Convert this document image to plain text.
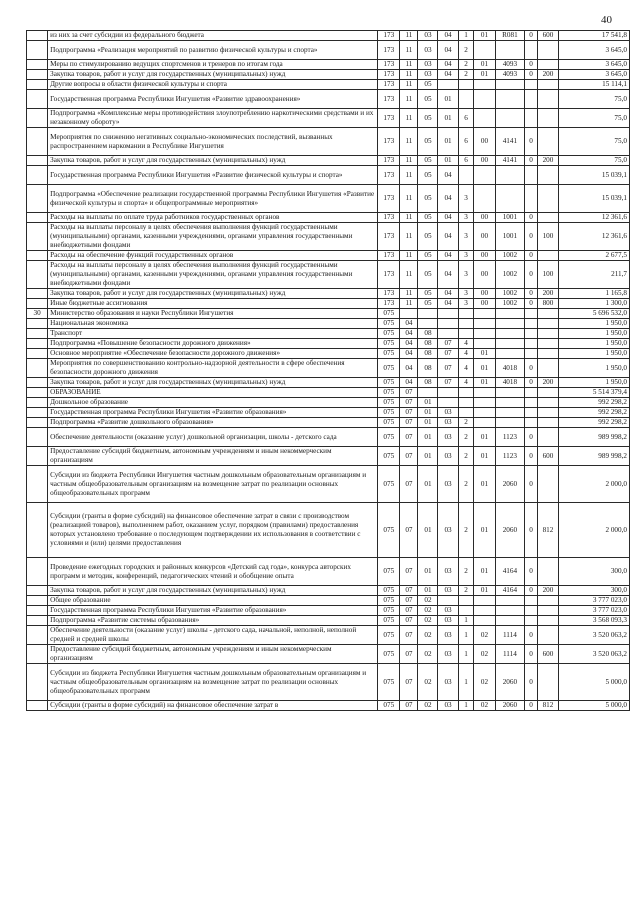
40
	из них за счет субсидии из федерального бюджета	173	11	03	04	1	01	R081	0	600	17 541,8
	Подпрограмма «Реализация мероприятий по развитию физической культуры и спорта»	173	11	03	04	2					3 645,0
	Меры по стимулированию ведущих спортсменов и тренеров по итогам года	173	11	03	04	2	01	4093	0		3 645,0
	Закупка товаров, работ и услуг для государственных (муниципальных) нужд	173	11	03	04	2	01	4093	0	200	3 645,0
	Другие вопросы в области физической культуры и спорта	173	11	05							15 114,1
	Государственная программа Республики Ингушетия «Развитие здравоохранения»	173	11	05	01						75,0
	Подпрограмма «Комплексные меры противодействия злоупотреблению наркотическими средствами и их незаконному обороту»	173	11	05	01	6					75,0
	Мероприятия по снижению негативных социально-экономических последствий, вызванных распространением наркомании в Республике Ингушетия	173	11	05	01	6	00	4141	0		75,0
	Закупка товаров, работ и услуг для государственных (муниципальных) нужд	173	11	05	01	6	00	4141	0	200	75,0
	Государственная программа Республики Ингушетия «Развитие физической культуры и спорта»	173	11	05	04						15 039,1
	Подпрограмма «Обеспечение реализации государственной программы Республики Ингушетия «Развитие физической культуры и спорта» и общепрограммные мероприятия»	173	11	05	04	3					15 039,1
	Расходы на выплаты по оплате труда работников государственных органов	173	11	05	04	3	00	1001	0		12 361,6
	Расходы на выплаты персоналу в целях обеспечения выполнения функций государственными (муниципальными) органами, казенными учреждениями, органами управления государственными внебюджетными фондами	173	11	05	04	3	00	1001	0	100	12 361,6
	Расходы на обеспечение функций государственных органов	173	11	05	04	3	00	1002	0		2 677,5
	Расходы на выплаты персоналу в целях обеспечения выполнения функций государственными (муниципальными) органами, казенными учреждениями, органами управления государственными внебюджетными фондами	173	11	05	04	3	00	1002	0	100	211,7
	Закупка товаров, работ и услуг для государственных (муниципальных) нужд	173	11	05	04	3	00	1002	0	200	1 165,8
	Иные бюджетные ассигнования	173	11	05	04	3	00	1002	0	800	1 300,0
30	Министерство образования и науки Республики Ингушетия	075									5 696 532,0
	Национальная экономика	075	04								1 950,0
	Транспорт	075	04	08							1 950,0
	Подпрограмма «Повышение безопасности дорожного движения»	075	04	08	07	4					1 950,0
	Основное мероприятие «Обеспечение безопасности дорожного движения»	075	04	08	07	4	01				1 950,0
	Мероприятия по совершенствованию контрольно-надзорной деятельности в сфере обеспечения безопасности дорожного движения	075	04	08	07	4	01	4018	0		1 950,0
	Закупка товаров, работ и услуг для государственных (муниципальных) нужд	075	04	08	07	4	01	4018	0	200	1 950,0
	ОБРАЗОВАНИЕ	075	07								5 514 379,4
	Дошкольное образование	075	07	01							992 298,2
	Государственная программа Республики Ингушетия «Развитие образования»	075	07	01	03						992 298,2
	Подпрограмма «Развитие дошкольного образования»	075	07	01	03	2					992 298,2
	Обеспечение деятельности (оказание услуг) дошкольной организации, школы - детского сада	075	07	01	03	2	01	1123	0		989 998,2
	Предоставление субсидий бюджетным, автономным учреждениям и иным некоммерческим организациям	075	07	01	03	2	01	1123	0	600	989 998,2
	Субсидии из бюджета Республики Ингушетия частным дошкольным образовательным организациям и частным общеобразовательным организациям на возмещение затрат по реализации основных общеобразовательных программ	075	07	01	03	2	01	2060	0		2 000,0
	Субсидии (гранты в форме субсидий) на финансовое обеспечение затрат в связи с производством (реализацией товаров), выполнением работ, оказанием услуг, порядком (правилами) предоставления которых установлено требование о последующем подтверждении их использования в соответствии с условиями и (или) целями предоставления	075	07	01	03	2	01	2060	0	812	2 000,0
	Проведение ежегодных городских и районных конкурсов «Детский сад года», конкурса авторских программ и методик, конференций, педагогических чтений и обобщение опыта	075	07	01	03	2	01	4164	0		300,0
	Закупка товаров, работ и услуг для государственных (муниципальных) нужд	075	07	01	03	2	01	4164	0	200	300,0
	Общее образование	075	07	02							3 777 023,0
	Государственная программа Республики Ингушетия «Развитие образования»	075	07	02	03						3 777 023,0
	Подпрограмма «Развитие системы образования»	075	07	02	03	1					3 568 093,3
	Обеспечение деятельности (оказание услуг) школы - детского сада, начальной, неполной, неполной средней и средней школы	075	07	02	03	1	02	1114	0		3 520 063,2
	Предоставление субсидий бюджетным, автономным учреждениям и иным некоммерческим организациям	075	07	02	03	1	02	1114	0	600	3 520 063,2
	Субсидии из бюджета Республики Ингушетия частным дошкольным образовательным организациям и частным общеобразовательным организациям на возмещение затрат по реализации основных общеобразовательных программ	075	07	02	03	1	02	2060	0		5 000,0
	Субсидии (гранты в форме субсидий) на финансовое обеспечение затрат в	075	07	02	03	1	02	2060	0	812	5 000,0
